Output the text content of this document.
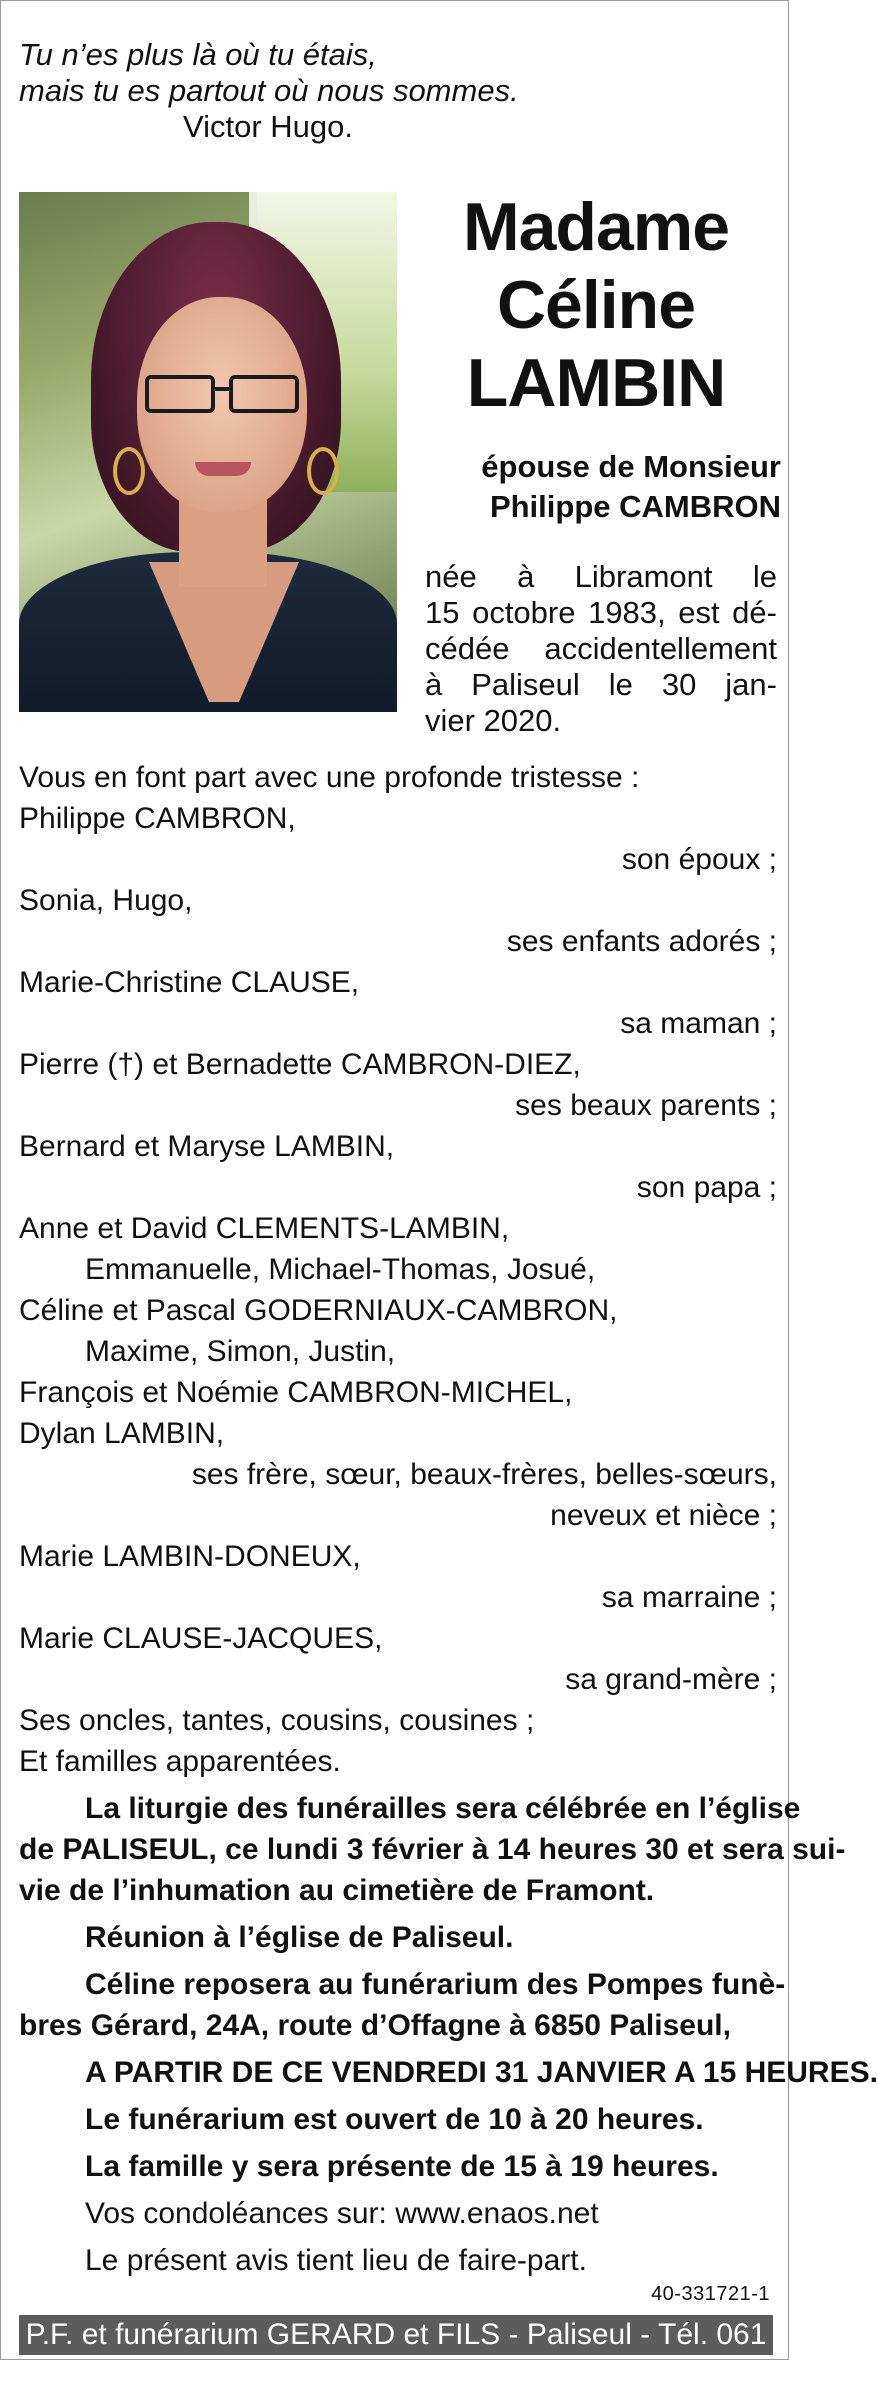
Tu n’es plus là où tu étais,
mais tu es partout où nous sommes.
Victor Hugo.
Madame
Céline
LAMBIN
épouse de Monsieur
Philippe CAMBRON
née à Libramont le
15 octobre 1983, est dé-
cédée accidentellement
à Paliseul le 30 jan-
vier 2020.
Vous en font part avec une profonde tristesse :
Philippe CAMBRON,
son époux ;
Sonia, Hugo,
ses enfants adorés ;
Marie-Christine CLAUSE,
sa maman ;
Pierre (†) et Bernadette CAMBRON-DIEZ,
ses beaux parents ;
Bernard et Maryse LAMBIN,
son papa ;
Anne et David CLEMENTS-LAMBIN,
Emmanuelle, Michael-Thomas, Josué,
Céline et Pascal GODERNIAUX-CAMBRON,
Maxime, Simon, Justin,
François et Noémie CAMBRON-MICHEL,
Dylan LAMBIN,
ses frère, sœur, beaux-frères, belles-sœurs,
neveux et nièce ;
Marie LAMBIN-DONEUX,
sa marraine ;
Marie CLAUSE-JACQUES,
sa grand-mère ;
Ses oncles, tantes, cousins, cousines ;
Et familles apparentées.
La liturgie des funérailles sera célébrée en l’église
de PALISEUL, ce lundi 3 février à 14 heures 30 et sera sui-
vie de l’inhumation au cimetière de Framont.
Réunion à l’église de Paliseul.
Céline reposera au funérarium des Pompes funè-
bres Gérard, 24A, route d’Offagne à 6850 Paliseul,
A PARTIR DE CE VENDREDI 31 JANVIER A 15 HEURES.
Le funérarium est ouvert de 10 à 20 heures.
La famille y sera présente de 15 à 19 heures.
Vos condoléances sur: www.enaos.net
Le présent avis tient lieu de faire-part.
40-331721-1
P.F. et funérarium GERARD et FILS - Paliseul - Tél. 061 53 32 84
